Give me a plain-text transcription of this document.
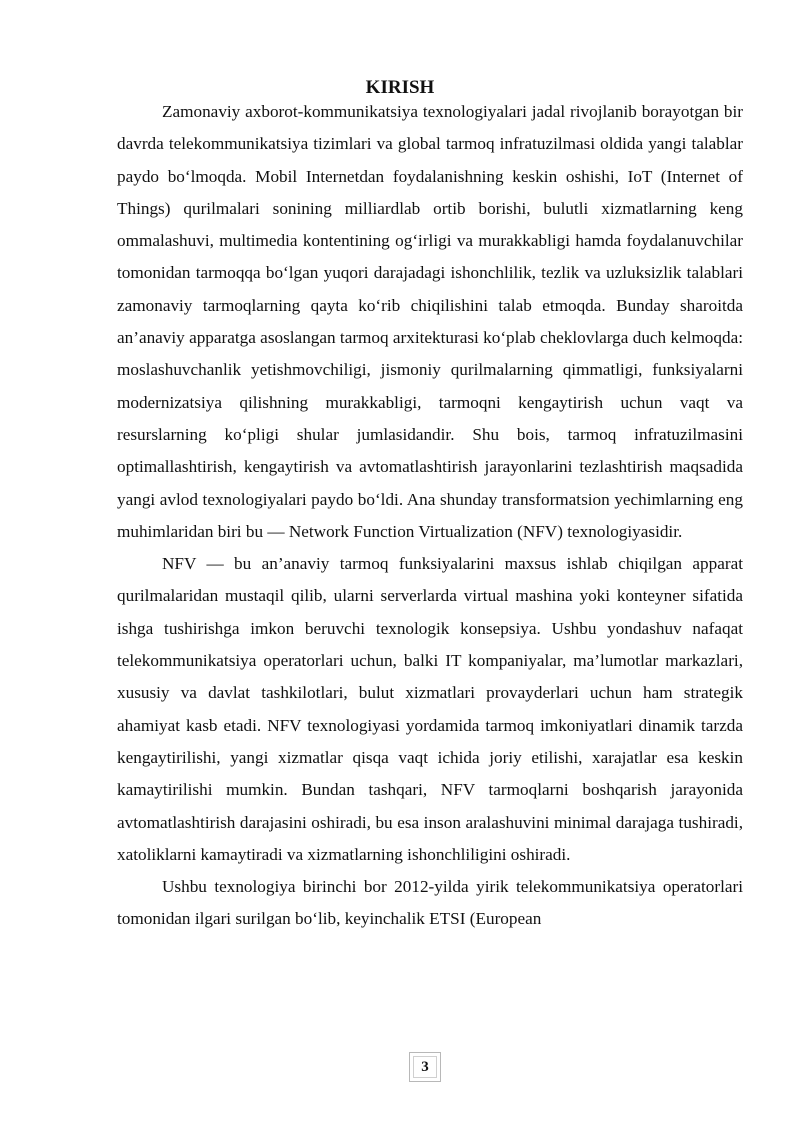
KIRISH

Zamonaviy axborot-kommunikatsiya texnologiyalari jadal rivojlanib borayotgan bir davrda telekommunikatsiya tizimlari va global tarmoq infratuzilmasi oldida yangi talablar paydo bo‘lmoqda. Mobil Internetdan foydalanishning keskin oshishi, IoT (Internet of Things) qurilmalari sonining milliardlab ortib borishi, bulutli xizmatlarning keng ommalashuvi, multimedia kontentining og‘irligi va murakkabligi hamda foydalanuvchilar tomonidan tarmoqqa bo‘lgan yuqori darajadagi ishonchlilik, tezlik va uzluksizlik talablari zamonaviy tarmoqlarning qayta ko‘rib chiqilishini talab etmoqda. Bunday sharoitda an’anaviy apparatga asoslangan tarmoq arxitekturasi ko‘plab cheklovlarga duch kelmoqda: moslashuvchanlik yetishmovchiligi, jismoniy qurilmalarning qimmatligi, funksiyalarni modernizatsiya qilishning murakkabligi, tarmoqni kengaytirish uchun vaqt va resurslarning ko‘pligi shular jumlasidandir. Shu bois, tarmoq infratuzilmasini optimallashtirish, kengaytirish va avtomatlashtirish jarayonlarini tezlashtirish maqsadida yangi avlod texnologiyalari paydo bo‘ldi. Ana shunday transformatsion yechimlarning eng muhimlaridan biri bu — Network Function Virtualization (NFV) texnologiyasidir.

NFV — bu an’anaviy tarmoq funksiyalarini maxsus ishlab chiqilgan apparat qurilmalaridan mustaqil qilib, ularni serverlarda virtual mashina yoki konteyner sifatida ishga tushirishga imkon beruvchi texnologik konsepsiya. Ushbu yondashuv nafaqat telekommunikatsiya operatorlari uchun, balki IT kompaniyalar, ma’lumotlar markazlari, xususiy va davlat tashkilotlari, bulut xizmatlari provayderlari uchun ham strategik ahamiyat kasb etadi. NFV texnologiyasi yordamida tarmoq imkoniyatlari dinamik tarzda kengaytirilishi, yangi xizmatlar qisqa vaqt ichida joriy etilishi, xarajatlar esa keskin kamaytirilishi mumkin. Bundan tashqari, NFV tarmoqlarni boshqarish jarayonida avtomatlashtirish darajasini oshiradi, bu esa inson aralashuvini minimal darajaga tushiradi, xatoliklarni kamaytiradi va xizmatlarning ishonchliligini oshiradi.

Ushbu texnologiya birinchi bor 2012-yilda yirik telekommunikatsiya operatorlari tomonidan ilgari surilgan bo‘lib, keyinchalik ETSI (European

3
